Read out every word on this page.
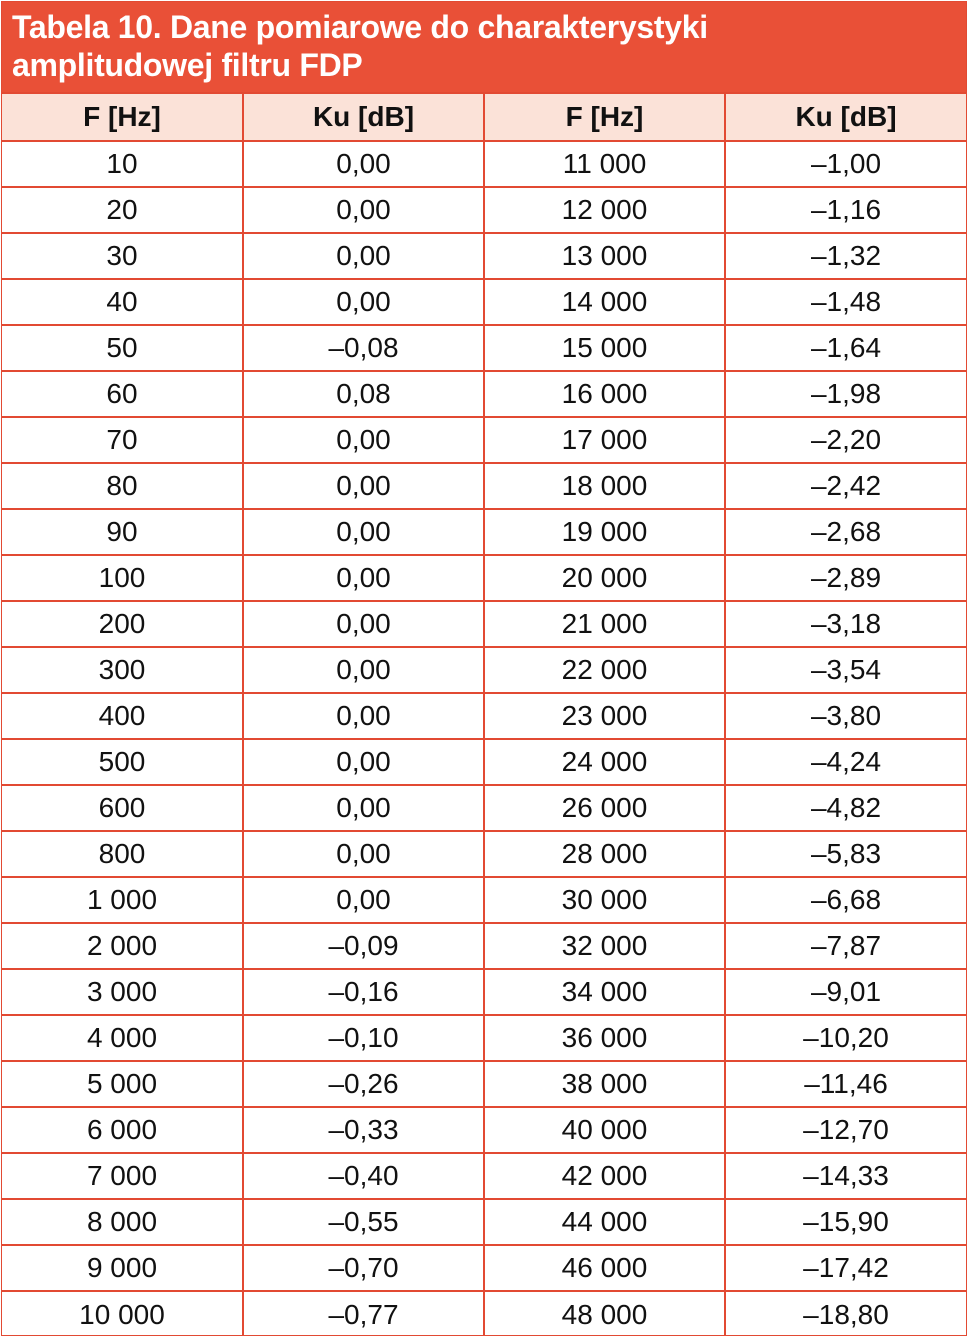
Tabela 10. Dane pomiarowe do charakterystyki
amplitudowej filtru FDP
F [Hz]	Ku [dB]	F [Hz]	Ku [dB]
10	0,00	11 000	–1,00
20	0,00	12 000	–1,16
30	0,00	13 000	–1,32
40	0,00	14 000	–1,48
50	–0,08	15 000	–1,64
60	0,08	16 000	–1,98
70	0,00	17 000	–2,20
80	0,00	18 000	–2,42
90	0,00	19 000	–2,68
100	0,00	20 000	–2,89
200	0,00	21 000	–3,18
300	0,00	22 000	–3,54
400	0,00	23 000	–3,80
500	0,00	24 000	–4,24
600	0,00	26 000	–4,82
800	0,00	28 000	–5,83
1 000	0,00	30 000	–6,68
2 000	–0,09	32 000	–7,87
3 000	–0,16	34 000	–9,01
4 000	–0,10	36 000	–10,20
5 000	–0,26	38 000	–11,46
6 000	–0,33	40 000	–12,70
7 000	–0,40	42 000	–14,33
8 000	–0,55	44 000	–15,90
9 000	–0,70	46 000	–17,42
10 000	–0,77	48 000	–18,80
